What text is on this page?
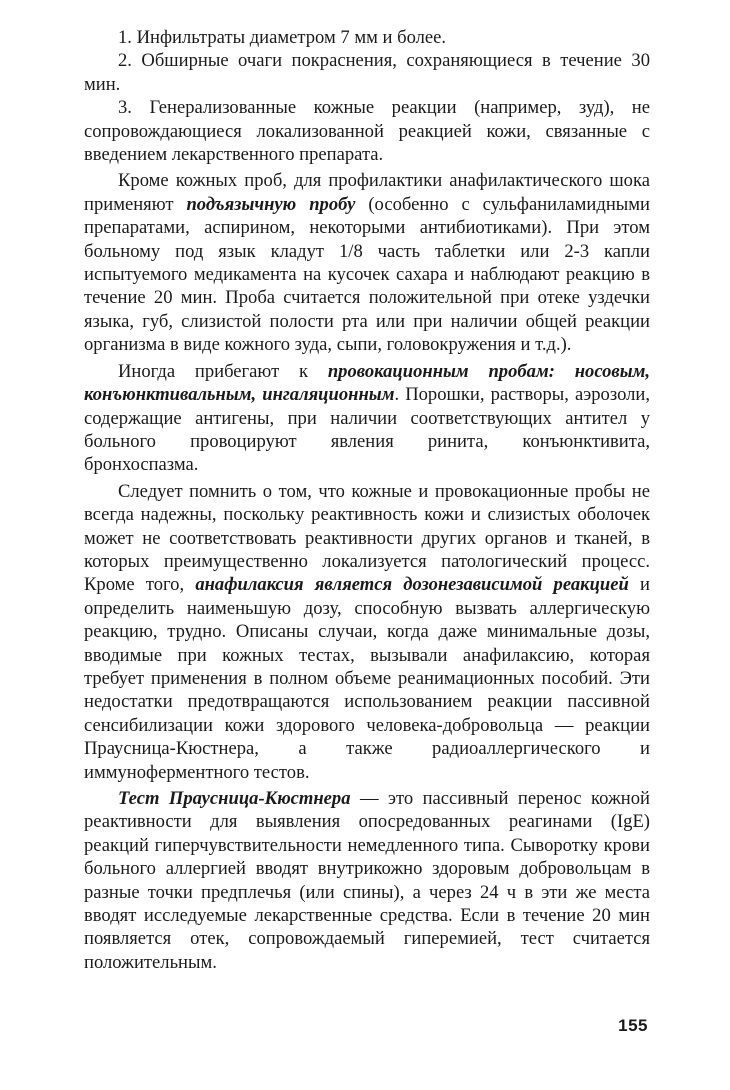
1. Инфильтраты диаметром 7 мм и более.

2. Обширные очаги покраснения, сохраняющиеся в течение 30 мин.

3. Генерализованные кожные реакции (например, зуд), не сопровождающиеся локализованной реакцией кожи, связанные с введением лекарственного препарата.

Кроме кожных проб, для профилактики анафилактического шока применяют подъязычную пробу (особенно с сульфаниламидными препаратами, аспирином, некоторыми антибиотиками). При этом больному под язык кладут 1/8 часть таблетки или 2-3 капли испытуемого медикамента на кусочек сахара и наблюдают реакцию в течение 20 мин. Проба считается положительной при отеке уздечки языка, губ, слизистой полости рта или при наличии общей реакции организма в виде кожного зуда, сыпи, головокружения и т.д.).

Иногда прибегают к провокационным пробам: носовым, конъюнктивальным, ингаляционным. Порошки, растворы, аэрозоли, содержащие антигены, при наличии соответствующих антител у больного провоцируют явления ринита, конъюнктивита, бронхоспазма.

Следует помнить о том, что кожные и провокационные пробы не всегда надежны, поскольку реактивность кожи и слизистых оболочек может не соответствовать реактивности других органов и тканей, в которых преимущественно локализуется патологический процесс. Кроме того, анафилаксия является дозонезависимой реакцией и определить наименьшую дозу, способную вызвать аллергическую реакцию, трудно. Описаны случаи, когда даже минимальные дозы, вводимые при кожных тестах, вызывали анафилаксию, которая требует применения в полном объеме реанимационных пособий. Эти недостатки предотвращаются использованием реакции пассивной сенсибилизации кожи здорового человека-добровольца — реакции Праусница-Кюстнера, а также радиоаллергического и иммуноферментного тестов.

Тест Праусница-Кюстнера — это пассивный перенос кожной реактивности для выявления опосредованных реагинами (IgE) реакций гиперчувствительности немедленного типа. Сыворотку крови больного аллергией вводят внутрикожно здоровым добровольцам в разные точки предплечья (или спины), а через 24 ч в эти же места вводят исследуемые лекарственные средства. Если в течение 20 мин появляется отек, сопровождаемый гиперемией, тест считается положительным.

155
